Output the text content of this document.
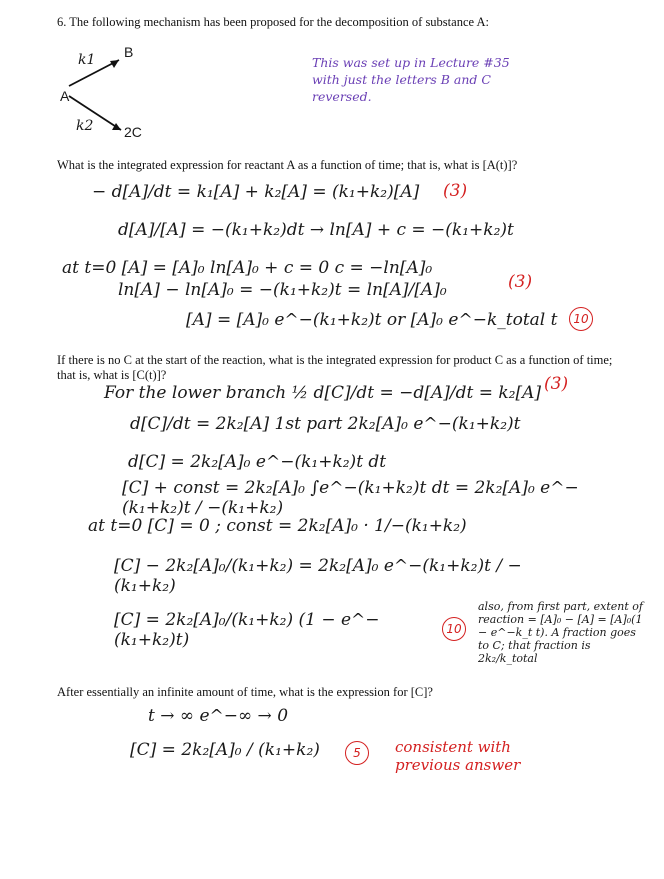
6. The following mechanism has been proposed for the decomposition of substance A:
k1 B
A
k2 2C
This was set up in Lecture #35 with just the letters B and C reversed.
What is the integrated expression for reactant A as a function of time; that is, what is [A(t)]?
− d[A]/dt = k₁[A] + k₂[A] = (k₁+k₂)[A]	(3)
d[A]/[A] = −(k₁+k₂)dt → ln[A] + c = −(k₁+k₂)t
at t=0 [A] = [A]₀ ln[A]₀ + c = 0 c = −ln[A]₀
ln[A] − ln[A]₀ = −(k₁+k₂)t = ln[A]/[A]₀	(3)
[A] = [A]₀ e^−(k₁+k₂)t or [A]₀ e^−k_total t	10
If there is no C at the start of the reaction, what is the integrated expression for product C as a function of time; that is, what is [C(t)]?
For the lower branch ½ d[C]/dt = −d[A]/dt = k₂[A] (3)
d[C]/dt = 2k₂[A] 1st part 2k₂[A]₀ e^−(k₁+k₂)t
d[C] = 2k₂[A]₀ e^−(k₁+k₂)t dt
[C] + const = 2k₂[A]₀ ∫e^−(k₁+k₂)t dt = 2k₂[A]₀ e^−(k₁+k₂)t / −(k₁+k₂)
at t=0 [C] = 0 ; const = 2k₂[A]₀ · 1/−(k₁+k₂)
[C] − 2k₂[A]₀/(k₁+k₂) = 2k₂[A]₀ e^−(k₁+k₂)t / −(k₁+k₂)
[C] = 2k₂[A]₀/(k₁+k₂) (1 − e^−(k₁+k₂)t)
10
also, from first part, extent of reaction = [A]₀ − [A] = [A]₀(1 − e^−k_t t). A fraction goes to C; that fraction is 2k₂/k_total
After essentially an infinite amount of time, what is the expression for [C]?
t → ∞ e^−∞ → 0
[C] = 2k₂[A]₀ / (k₁+k₂)	5	consistent with previous answer
